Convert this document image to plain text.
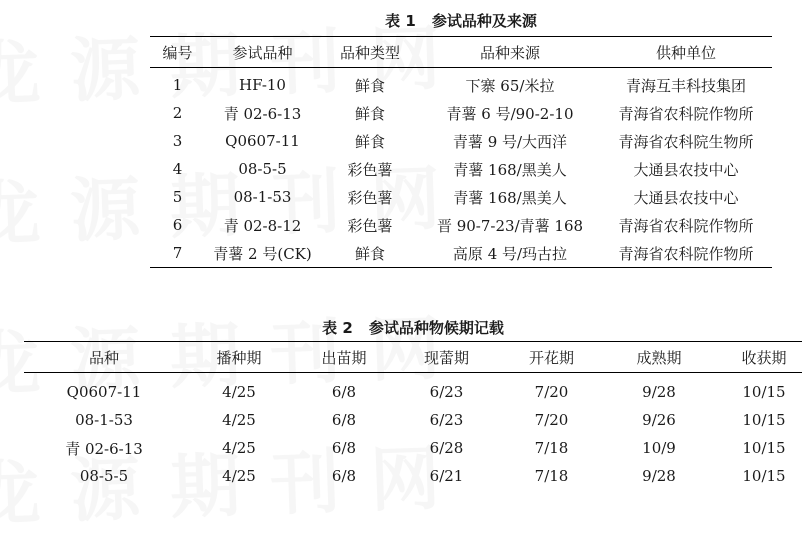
表 1 参试品种及来源
编号	参试品种	品种类型	品种来源	供种单位
1	HF-10	鲜食	下寨 65/米拉	青海互丰科技集团
2	青 02-6-13	鲜食	青薯 6 号/90-2-10	青海省农科院作物所
3	Q0607-11	鲜食	青薯 9 号/大西洋	青海省农科院生物所
4	08-5-5	彩色薯	青薯 168/黑美人	大通县农技中心
5	08-1-53	彩色薯	青薯 168/黑美人	大通县农技中心
6	青 02-8-12	彩色薯	晋 90-7-23/青薯 168	青海省农科院作物所
7	青薯 2 号(CK)	鲜食	高原 4 号/玛古拉	青海省农科院作物所
表 2 参试品种物候期记载
品种	播种期	出苗期	现蕾期	开花期	成熟期	收获期
Q0607-11	4/25	6/8	6/23	7/20	9/28	10/15
08-1-53	4/25	6/8	6/23	7/20	9/26	10/15
青 02-6-13	4/25	6/8	6/28	7/18	10/9	10/15
08-5-5	4/25	6/8	6/21	7/18	9/28	10/15
